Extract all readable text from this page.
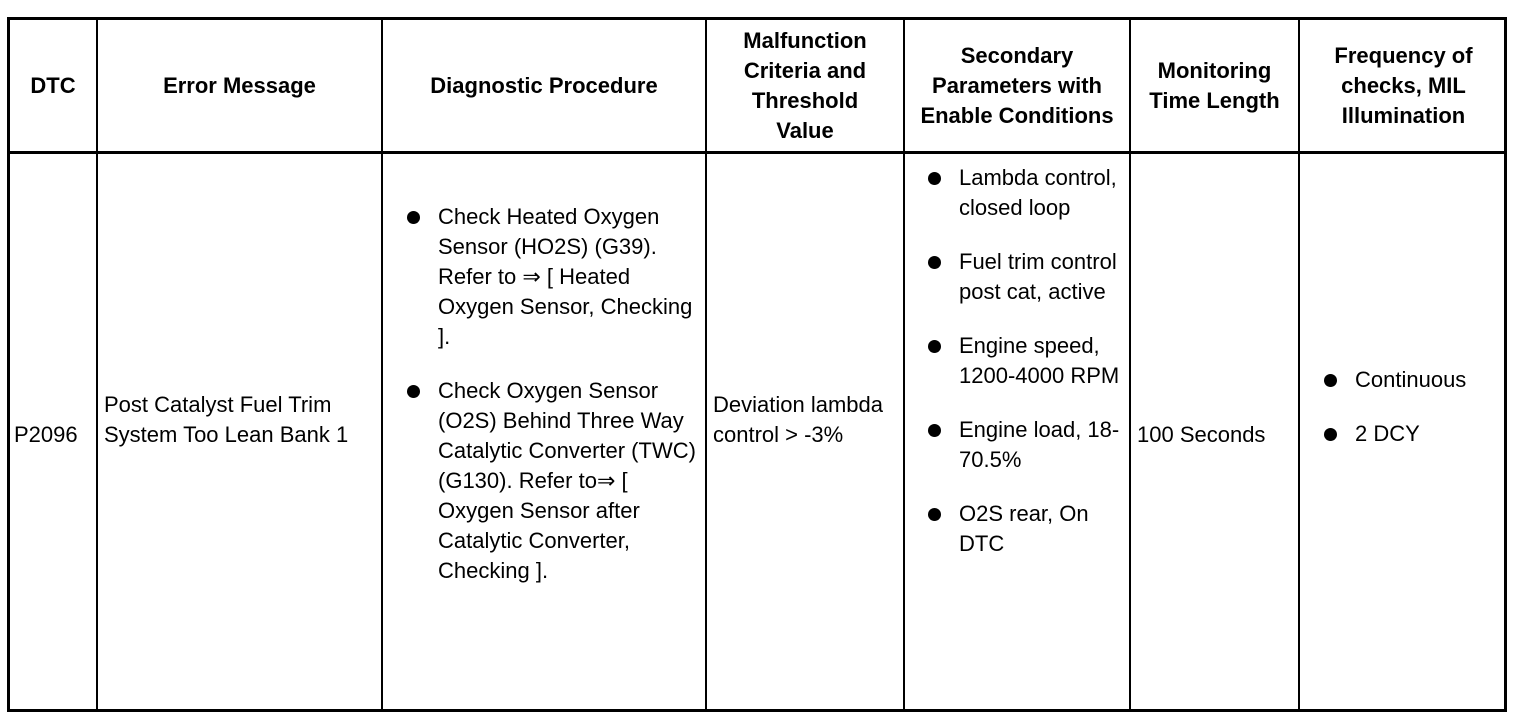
DTC	Error Message	Diagnostic Procedure
Malfunction Criteria and Threshold Value
Secondary Parameters with Enable Conditions
Monitoring Time Length
Frequency of checks, MIL Illumination
P2096
Post Catalyst Fuel Trim System Too Lean Bank 1
Check Heated Oxygen Sensor (HO2S) (G39). Refer to ⇒ [ Heated Oxygen Sensor, Checking ].
Check Oxygen Sensor (O2S) Behind Three Way Catalytic Converter (TWC) (G130). Refer to⇒ [ Oxygen Sensor after Catalytic Converter, Checking ].
Deviation lambda control > -3%
Lambda control, closed loop
Fuel trim control post cat, active
Engine speed, 1200-4000 RPM
Engine load, 18-70.5%
O2S rear, On DTC
100 Seconds
Continuous
2 DCY
